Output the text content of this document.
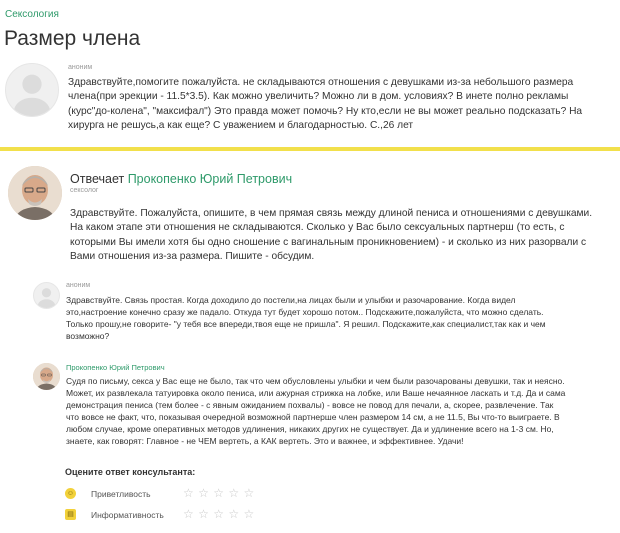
Сексология
Размер члена
аноним

Здравствуйте,помогите пожалуйста. не складываются отношения с девушками из-за небольшого размера

члена(при эрекции - 11.5*3.5). Как можно увеличить? Можно ли в дом. условиях? В инете полно рекламы

(курс"до-колена", "максифал") Это правда может помочь? Ну кто,если не вы может реально подсказать? На

хирурга не решусь,а как еще? С уважением и благодарностью. С.,26 лет

Отвечает Прокопенко Юрий Петрович
сексолог

Здравствуйте. Пожалуйста, опишите, в чем прямая связь между длиной пениса и отношениями с девушками.

На каком этапе эти отношения не складываются. Сколько у Вас было сексуальных партнерш (то есть, с

которыми Вы имели хотя бы одно сношение с вагинальным проникновением) - и сколько из них разорвали с

Вами отношения из-за размера. Пишите - обсудим.

аноним

Здравствуйте. Связь простая. Когда доходило до постели,на лицах были и улыбки и разочарование. Когда видел

это,настроение конечно сразу же падало. Откуда тут будет хорошо потом.. Подскажите,пожалуйста, что можно сделать.

Только прошу,не говорите- "у тебя все впереди,твоя еще не пришла". Я решил. Подскажите,как специалист,так как и чем

возможно?

Прокопенко Юрий Петрович

Судя по письму, секса у Вас еще не было, так что чем обусловлены улыбки и чем были разочарованы девушки, так и неясно.

Может, их развлекала татуировка около пениса, или ажурная стрижка на лобке, или Ваше нечаянное ласкать и т.д. Да и сама

демонстрация пениса (тем более - с явным ожиданием похвалы) - вовсе не повод для печали, а, скорее, развлечение. Так

что вовсе не факт, что, показывая очередной возможной партнерше член размером 14 см, а не 11.5, Вы что-то выиграете. В

любом случае, кроме оперативных методов удлинения, никаких других не существует. Да и удлинение всего на 1-3 см. Но,

знаете, как говорят: Главное - не ЧЕМ вертеть, а КАК вертеть. Это и важнее, и эффективнее. Удачи!

Оцените ответ консультанта:
☺ Приветливость	☆ ☆ ☆ ☆ ☆
▤ Информативность ☆ ☆ ☆ ☆ ☆
